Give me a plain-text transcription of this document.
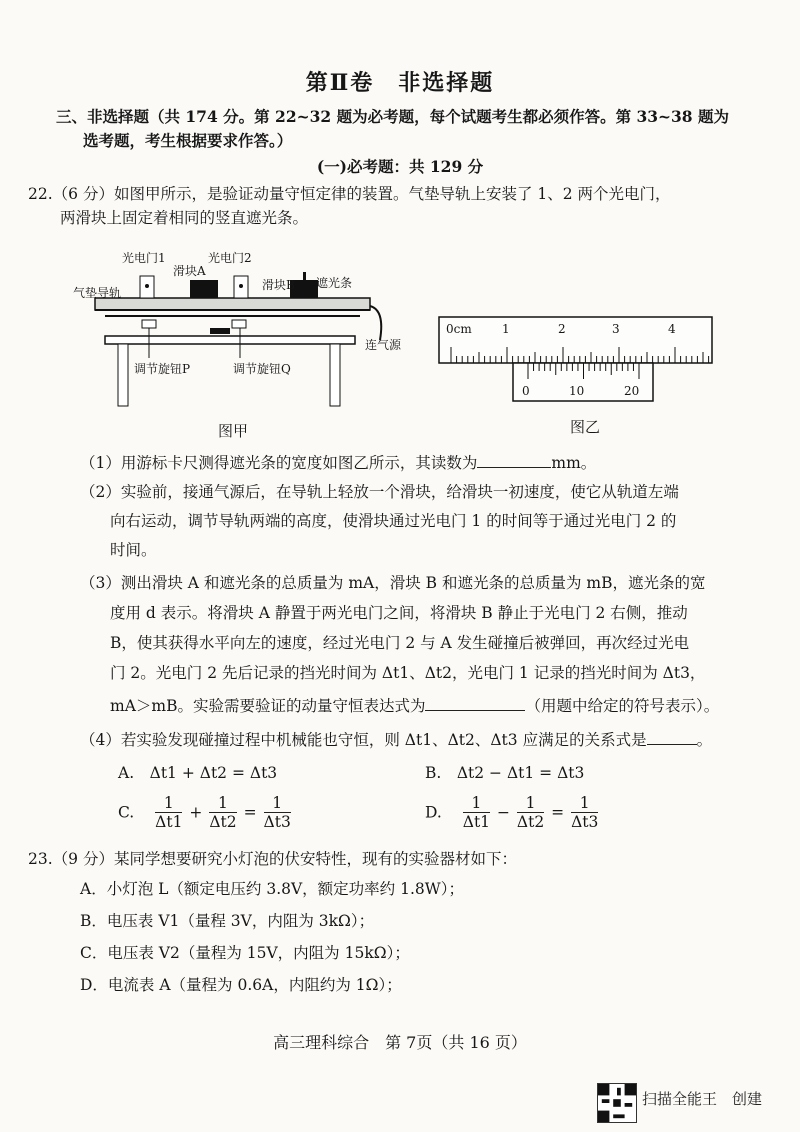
第Ⅱ卷　非选择题
三、非选择题（共 174 分。第 22~32 题为必考题，每个试题考生都必须作答。第 33~38 题为
选考题，考生根据要求作答。）
(一)必考题：共 129 分
22.（6 分）如图甲所示，是验证动量守恒定律的装置。气垫导轨上安装了 1、2 两个光电门，
两滑块上固定着相同的竖直遮光条。
光电门1	光电门2
滑块A
滑块B 遮光条
气垫导轨
连气源
调节旋钮P	调节旋钮Q
图甲
0cm	1	2	3	4
0	10	20
图乙
（1）用游标卡尺测得遮光条的宽度如图乙所示，其读数为	mm。
（2）实验前，接通气源后，在导轨上轻放一个滑块，给滑块一初速度，使它从轨道左端
向右运动，调节导轨两端的高度，使滑块通过光电门 1 的时间等于通过光电门 2 的
时间。
（3）测出滑块 A 和遮光条的总质量为 mA，滑块 B 和遮光条的总质量为 mB，遮光条的宽
度用 d 表示。将滑块 A 静置于两光电门之间，将滑块 B 静止于光电门 2 右侧，推动
B，使其获得水平向左的速度，经过光电门 2 与 A 发生碰撞后被弹回，再次经过光电
门 2。光电门 2 先后记录的挡光时间为 Δt1、Δt2，光电门 1 记录的挡光时间为 Δt3，
mA＞mB。实验需要验证的动量守恒表达式为	（用题中给定的符号表示）。
（4）若实验发现碰撞过程中机械能也守恒，则 Δt1、Δt2、Δt3 应满足的关系式是	。
A.　Δt1 + Δt2 = Δt3	B.　Δt2 − Δt1 = Δt3
C. $\frac{1}{\Delta t1} + \frac{1}{\Delta t2} = \frac{1}{\Delta t3}$	D. $\frac{1}{\Delta t1} - \frac{1}{\Delta t2} = \frac{1}{\Delta t3}$
23.（9 分）某同学想要研究小灯泡的伏安特性，现有的实验器材如下：
A．小灯泡 L（额定电压约 3.8V，额定功率约 1.8W）；
B．电压表 V1（量程 3V，内阻为 3kΩ）；
C．电压表 V2（量程为 15V，内阻为 15kΩ）；
D．电流表 A（量程为 0.6A，内阻约为 1Ω）；
高三理科综合　第 7页（共 16 页）
扫描全能王　创建
